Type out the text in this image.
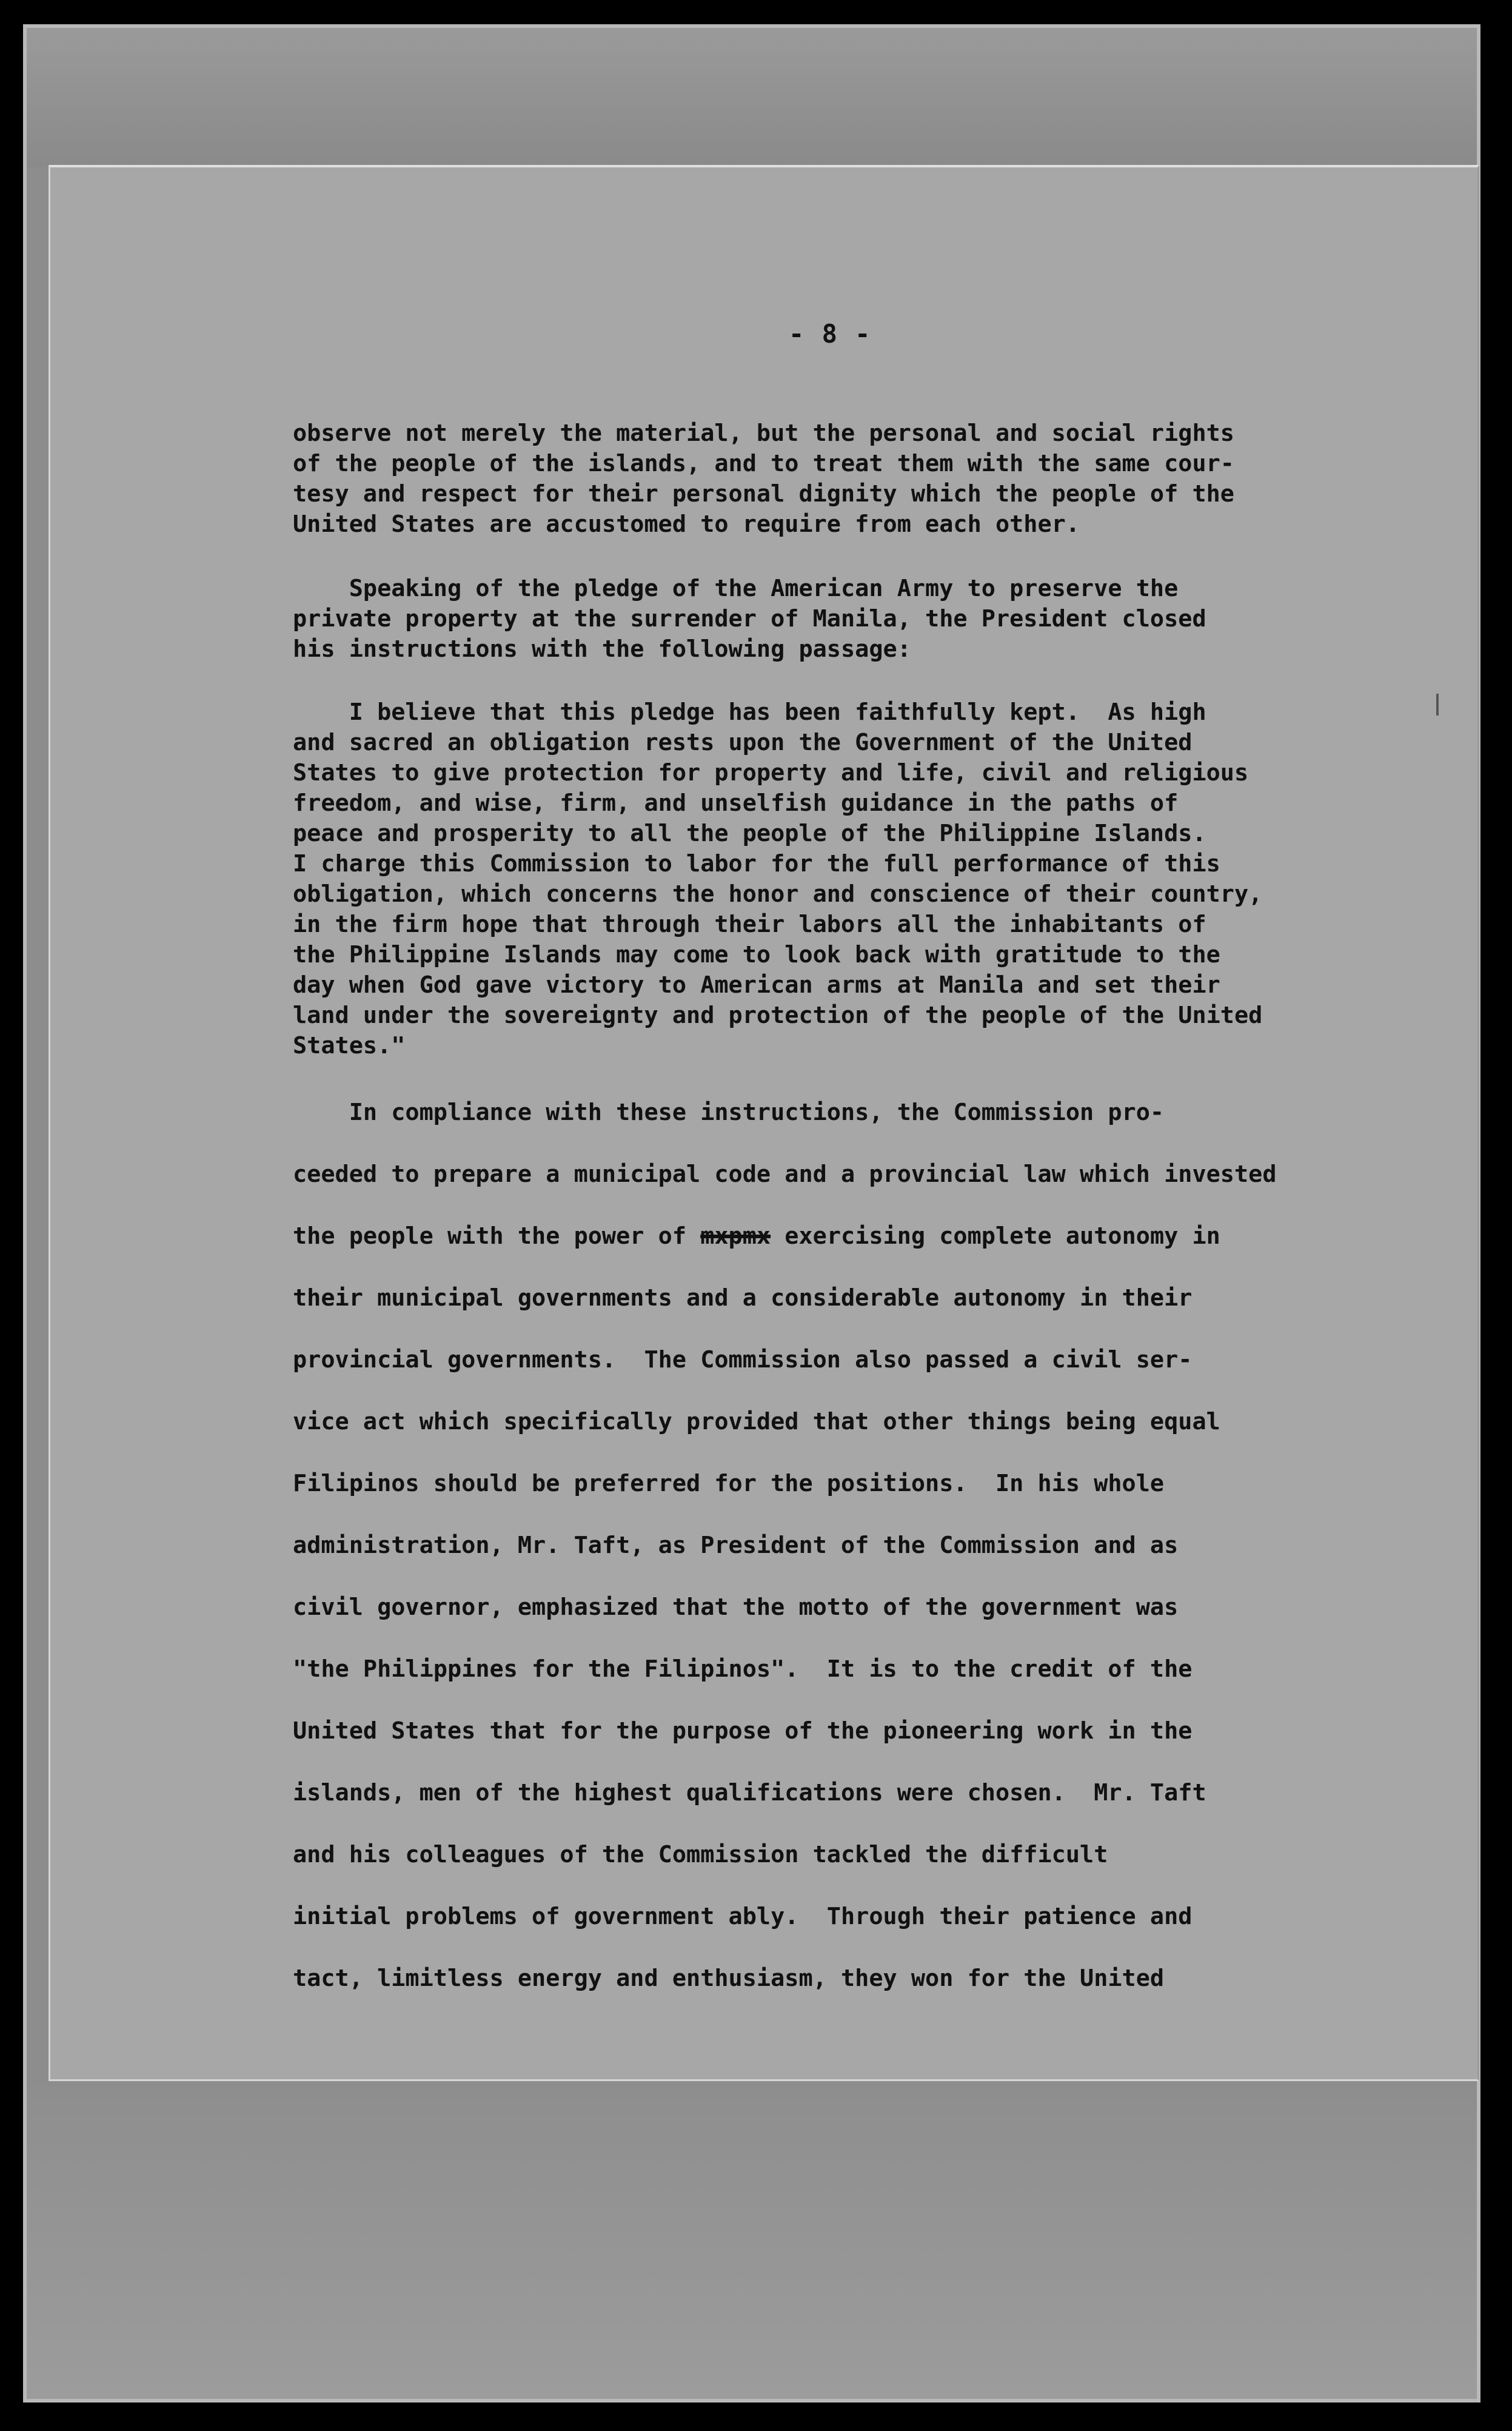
- 8 -
observe not merely the material, but the personal and social rights
of the people of the islands, and to treat them with the same cour-
tesy and respect for their personal dignity which the people of the
United States are accustomed to require from each other.
Speaking of the pledge of the American Army to preserve the
private property at the surrender of Manila, the President closed
his instructions with the following passage:
I believe that this pledge has been faithfully kept.  As high
and sacred an obligation rests upon the Government of the United
States to give protection for property and life, civil and religious
freedom, and wise, firm, and unselfish guidance in the paths of
peace and prosperity to all the people of the Philippine Islands.
I charge this Commission to labor for the full performance of this
obligation, which concerns the honor and conscience of their country,
in the firm hope that through their labors all the inhabitants of
the Philippine Islands may come to look back with gratitude to the
day when God gave victory to American arms at Manila and set their
land under the sovereignty and protection of the people of the United
States."
In compliance with these instructions, the Commission pro-
ceeded to prepare a municipal code and a provincial law which invested
the people with the power of mxpmx exercising complete autonomy in
their municipal governments and a considerable autonomy in their
provincial governments.  The Commission also passed a civil ser-
vice act which specifically provided that other things being equal
Filipinos should be preferred for the positions.  In his whole
administration, Mr. Taft, as President of the Commission and as
civil governor, emphasized that the motto of the government was
"the Philippines for the Filipinos".  It is to the credit of the
United States that for the purpose of the pioneering work in the
islands, men of the highest qualifications were chosen.  Mr. Taft
and his colleagues of the Commission tackled the difficult
initial problems of government ably.  Through their patience and
tact, limitless energy and enthusiasm, they won for the United
